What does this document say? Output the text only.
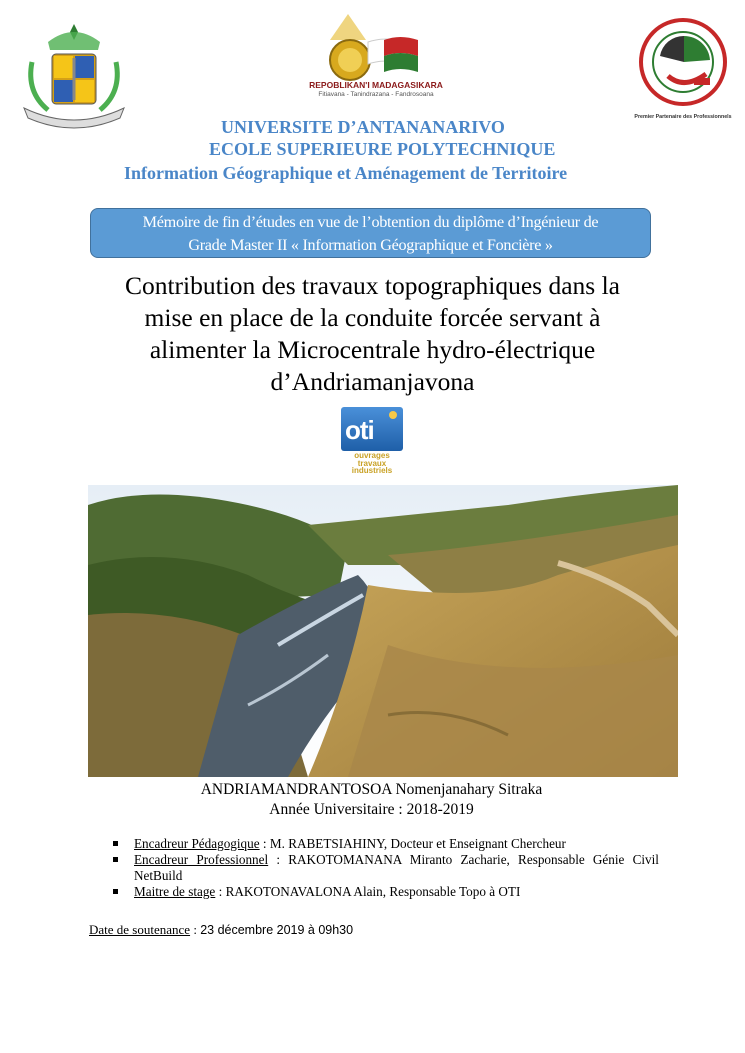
REPOBLIKAN'I MADAGASIKARA
Fitiavana - Tanindrazana - Fandrosoana
Premier Partenaire des Professionnels
UNIVERSITE D’ANTANANARIVO
ECOLE SUPERIEURE POLYTECHNIQUE
Information Géographique et Aménagement de Territoire
Mémoire de fin d’études en vue de l’obtention du diplôme d’Ingénieur de
Grade Master II « Information Géographique et Foncière »
Contribution des travaux topographiques dans la
mise en place de la conduite forcée servant à
alimenter la Microcentrale hydro-électrique
d’Andriamanjavona
oti
ouvrages
travaux
industriels
ANDRIAMANDRANTOSOA Nomenjanahary Sitraka
Année Universitaire : 2018-2019
Encadreur Pédagogique : M. RABETSIAHINY, Docteur et Enseignant Chercheur
Encadreur Professionnel : RAKOTOMANANA Miranto Zacharie, Responsable Génie Civil NetBuild
Maitre de stage : RAKOTONAVALONA Alain, Responsable Topo à OTI
Date de soutenance : 23 décembre 2019 à 09h30
